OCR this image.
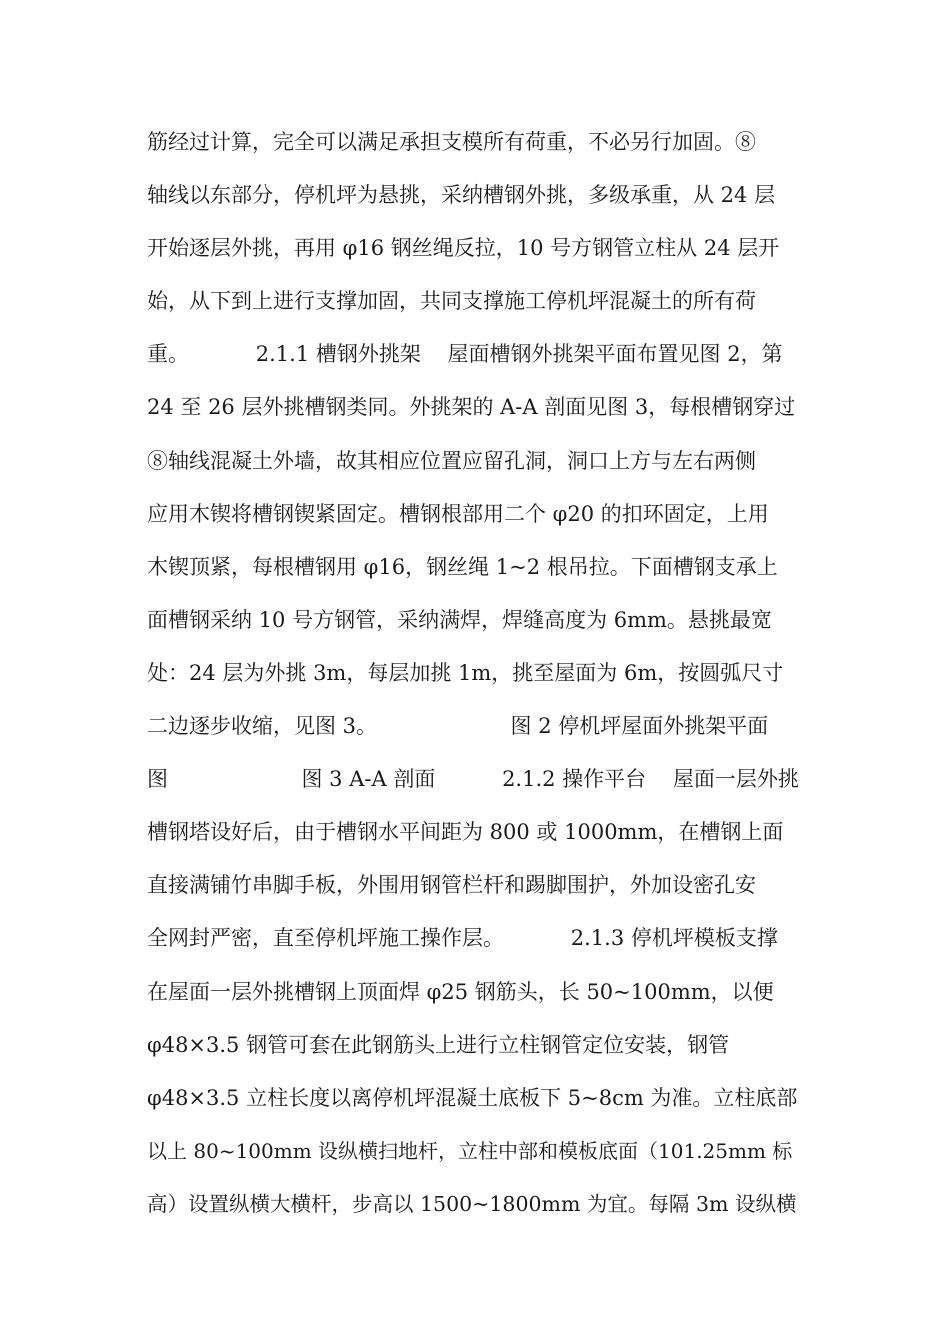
筋经过计算，完全可以满足承担支模所有荷重，不必另行加固。⑧
轴线以东部分，停机坪为悬挑，采纳槽钢外挑，多级承重，从 24 层
开始逐层外挑，再用 φ16 钢丝绳反拉，10 号方钢管立柱从 24 层开
始，从下到上进行支撑加固，共同支撑施工停机坪混凝土的所有荷
重。          2.1.1 槽钢外挑架    屋面槽钢外挑架平面布置见图 2，第
24 至 26 层外挑槽钢类同。外挑架的 A-A 剖面见图 3，每根槽钢穿过
⑧轴线混凝土外墙，故其相应位置应留孔洞，洞口上方与左右两侧
应用木锲将槽钢锲紧固定。槽钢根部用二个 φ20 的扣环固定，上用
木锲顶紧，每根槽钢用 φ16，钢丝绳 1~2 根吊拉。下面槽钢支承上
面槽钢采纳 10 号方钢管，采纳满焊，焊缝高度为 6mm。悬挑最宽
处：24 层为外挑 3m，每层加挑 1m，挑至屋面为 6m，按圆弧尺寸
二边逐步收缩，见图 3。                    图 2 停机坪屋面外挑架平面
图                    图 3 A-A 剖面          2.1.2 操作平台    屋面一层外挑
槽钢塔设好后，由于槽钢水平间距为 800 或 1000mm，在槽钢上面
直接满铺竹串脚手板，外围用钢管栏杆和踢脚围护，外加设密孔安
全网封严密，直至停机坪施工操作层。          2.1.3 停机坪模板支撑
在屋面一层外挑槽钢上顶面焊 φ25 钢筋头，长 50~100mm，以便
φ48×3.5 钢管可套在此钢筋头上进行立柱钢管定位安装，钢管
φ48×3.5 立柱长度以离停机坪混凝土底板下 5~8cm 为准。立柱底部
以上 80~100mm 设纵横扫地杆，立柱中部和模板底面（101.25mm 标
高）设置纵横大横杆，步高以 1500~1800mm 为宜。每隔 3m 设纵横
